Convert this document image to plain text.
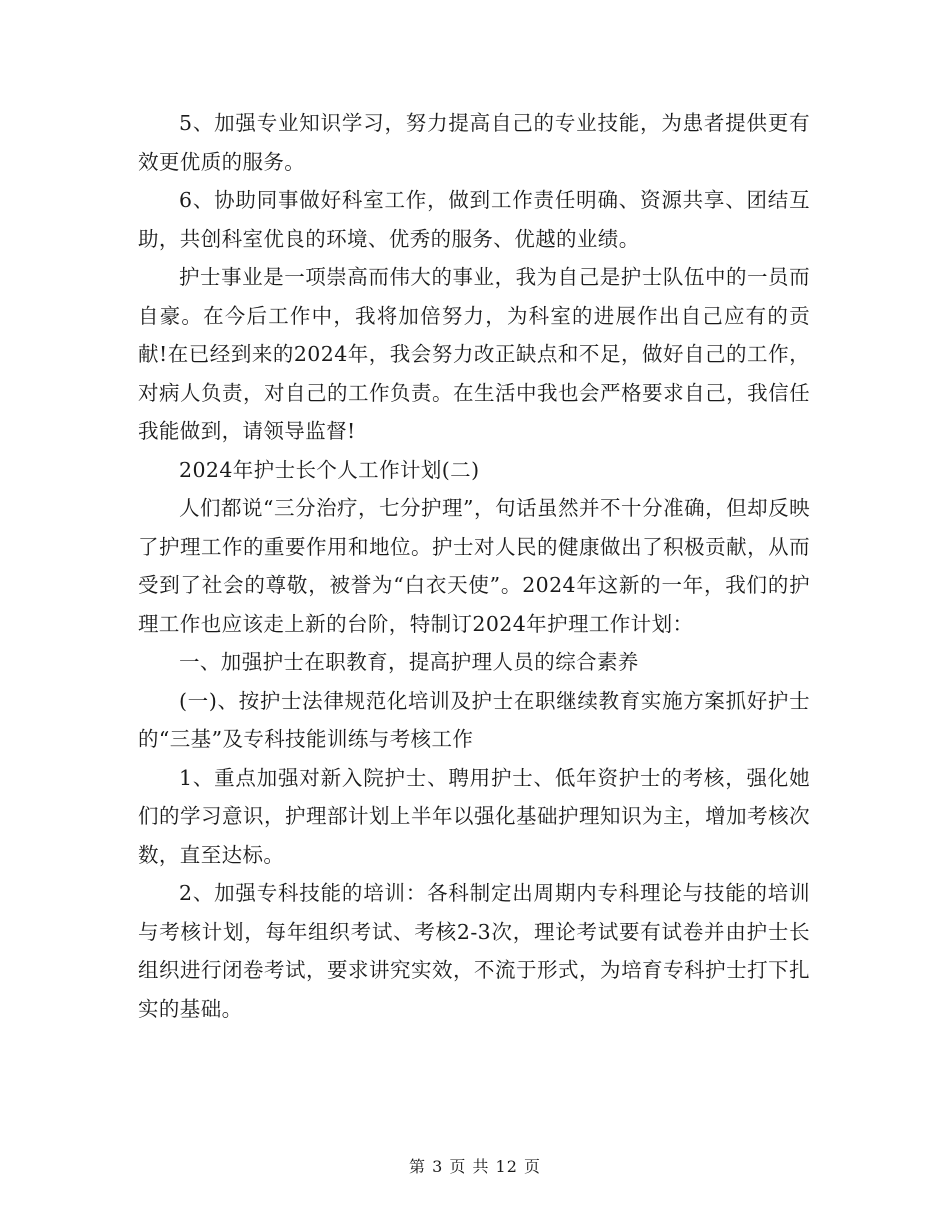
5、加强专业知识学习，努力提高自己的专业技能，为患者提供更有效更优质的服务。

6、协助同事做好科室工作，做到工作责任明确、资源共享、团结互助，共创科室优良的环境、优秀的服务、优越的业绩。

护士事业是一项崇高而伟大的事业，我为自己是护士队伍中的一员而自豪。在今后工作中，我将加倍努力，为科室的进展作出自己应有的贡献!在已经到来的2024年，我会努力改正缺点和不足，做好自己的工作，对病人负责，对自己的工作负责。在生活中我也会严格要求自己，我信任我能做到，请领导监督!

2024年护士长个人工作计划(二)

人们都说“三分治疗，七分护理”，句话虽然并不十分准确，但却反映了护理工作的重要作用和地位。护士对人民的健康做出了积极贡献，从而受到了社会的尊敬，被誉为“白衣天使”。2024年这新的一年，我们的护理工作也应该走上新的台阶，特制订2024年护理工作计划：

一、加强护士在职教育，提高护理人员的综合素养

(一)、按护士法律规范化培训及护士在职继续教育实施方案抓好护士的“三基”及专科技能训练与考核工作

1、重点加强对新入院护士、聘用护士、低年资护士的考核，强化她们的学习意识，护理部计划上半年以强化基础护理知识为主，增加考核次数，直至达标。

2、加强专科技能的培训：各科制定出周期内专科理论与技能的培训与考核计划，每年组织考试、考核2-3次，理论考试要有试卷并由护士长组织进行闭卷考试，要求讲究实效，不流于形式，为培育专科护士打下扎实的基础。

第 3 页 共 12 页
